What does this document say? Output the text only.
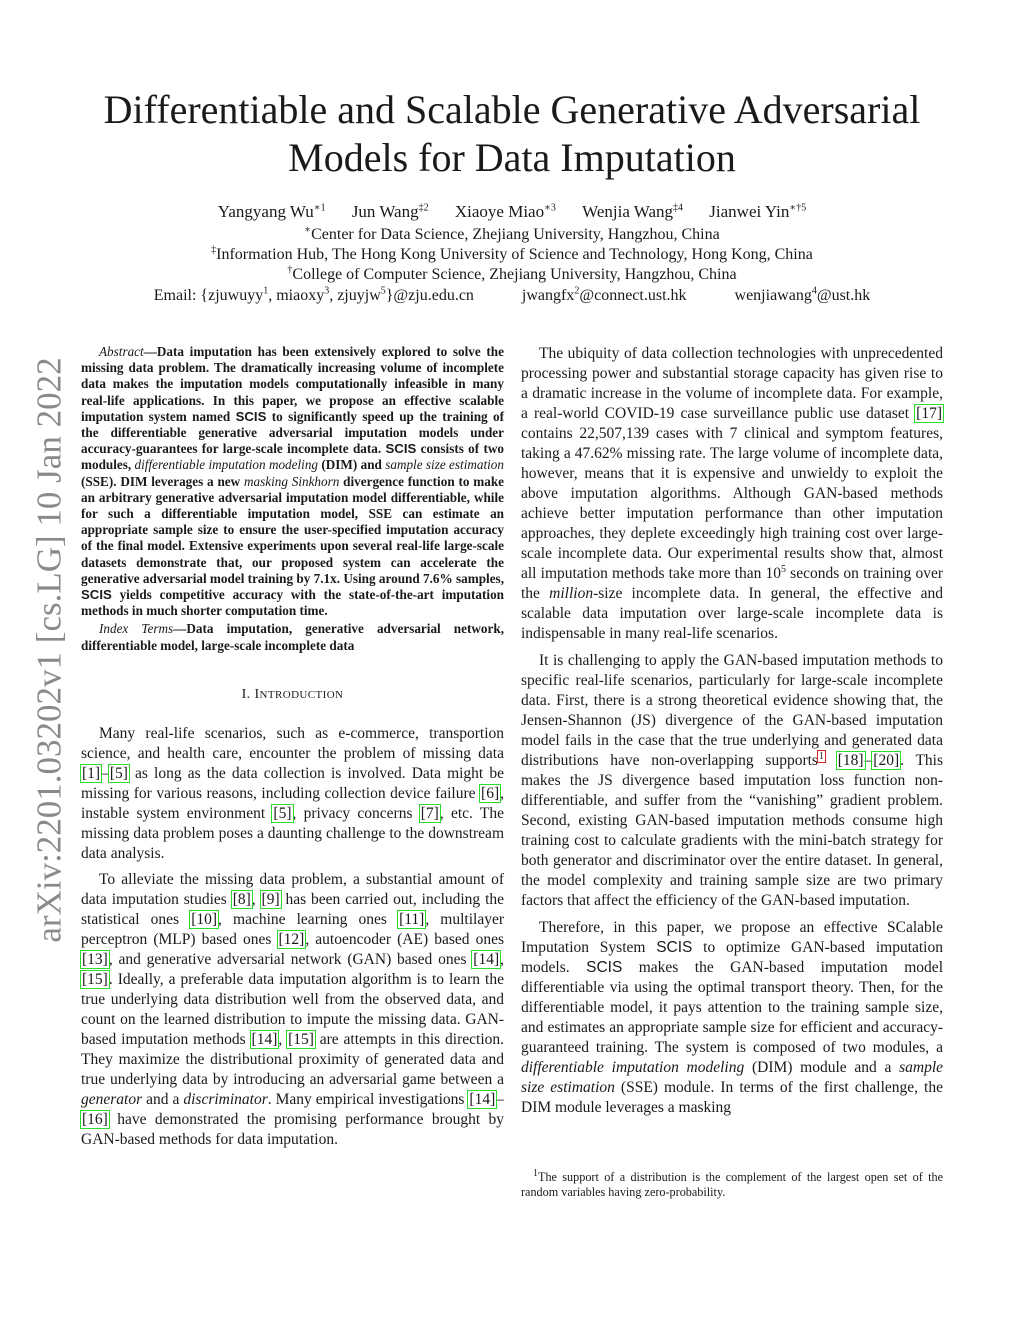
arXiv:2201.03202v1 [cs.LG] 10 Jan 2022
Differentiable and Scalable Generative Adversarial
Models for Data Imputation
Yangyang $Wu^{∗1}$ Jun Wang$^{\ddagger 2}$ Xiaoye Miao$^{∗3}$ Wenjia Wang$^{\ddagger 4}$ Jianwei Yin$^{∗\dagger 5}$
∗Center for Data Science, Zhejiang University, Hangzhou, China
‡Information Hub, The Hong Kong University of Science and Technology, Hong Kong, China
†College of Computer Science, Zhejiang University, Hangzhou, China
Email: {zjuwuyy$^1$, miaoxy$^3$, zjuyjw$^5$}@zju.edu.cn	jwangfx$^2$@connect.ust.hk	wenjiawang$^4$@ust.hk

Abstract—Data imputation has been extensively explored to solve the missing data problem. The dramatically increasing volume of incomplete data makes the imputation models computationally infeasible in many real-life applications. In this paper, we propose an effective scalable imputation system named SCIS to significantly speed up the training of the differentiable generative adversarial imputation models under accuracy-guarantees for large-scale incomplete data. SCIS consists of two modules, differentiable imputation modeling (DIM) and sample size estimation (SSE). DIM leverages a new masking Sinkhorn divergence function to make an arbitrary generative adversarial imputation model differentiable, while for such a differentiable imputation model, SSE can estimate an appropriate sample size to ensure the user-specified imputation accuracy of the final model. Extensive experiments upon several real-life large-scale datasets demonstrate that, our proposed system can accelerate the generative adversarial model training by 7.1x. Using around 7.6% samples, SCIS yields competitive accuracy with the state-of-the-art imputation methods in much shorter computation time.

Index Terms—Data imputation, generative adversarial network, differentiable model, large-scale incomplete data

I. INTRODUCTION

Many real-life scenarios, such as e-commerce, transportion science, and health care, encounter the problem of missing data [1]–[5] as long as the data collection is involved. Data might be missing for various reasons, including collection device failure [6], instable system environment [5], privacy concerns [7], etc. The missing data problem poses a daunting challenge to the downstream data analysis.

To alleviate the missing data problem, a substantial amount of data imputation studies [8], [9] has been carried out, including the statistical ones [10], machine learning ones [11], multilayer perceptron (MLP) based ones [12], autoencoder (AE) based ones [13], and generative adversarial network (GAN) based ones [14], [15]. Ideally, a preferable data imputation algorithm is to learn the true underlying data distribution well from the observed data, and count on the learned distribution to impute the missing data. GAN-based imputation methods [14], [15] are attempts in this direction. They maximize the distributional proximity of generated data and true underlying data by introducing an adversarial game between a generator and a discriminator. Many empirical investigations [14]–[16] have demonstrated the promising performance brought by GAN-based methods for data imputation.

The ubiquity of data collection technologies with unprecedented processing power and substantial storage capacity has given rise to a dramatic increase in the volume of incomplete data. For example, a real-world COVID-19 case surveillance public use dataset [17] contains 22,507,139 cases with 7 clinical and symptom features, taking a 47.62% missing rate. The large volume of incomplete data, however, means that it is expensive and unwieldy to exploit the above imputation algorithms. Although GAN-based methods achieve better imputation performance than other imputation approaches, they deplete exceedingly high training cost over large-scale incomplete data. Our experimental results show that, almost all imputation methods take more than $10^5$ seconds on training over the million-size incomplete data. In general, the effective and scalable data imputation over large-scale incomplete data is indispensable in many real-life scenarios.

It is challenging to apply the GAN-based imputation methods to specific real-life scenarios, particularly for large-scale incomplete data. First, there is a strong theoretical evidence showing that, the Jensen-Shannon (JS) divergence of the GAN-based imputation model fails in the case that the true underlying and generated data distributions have non-overlapping supports$^1$ [18]–[20]. This makes the JS divergence based imputation loss function non-differentiable, and suffer from the “vanishing” gradient problem. Second, existing GAN-based imputation methods consume high training cost to calculate gradients with the mini-batch strategy for both generator and discriminator over the entire dataset. In general, the model complexity and training sample size are two primary factors that affect the efficiency of the GAN-based imputation.

Therefore, in this paper, we propose an effective SCalable Imputation System SCIS to optimize GAN-based imputation models. SCIS makes the GAN-based imputation model differentiable via using the optimal transport theory. Then, for the differentiable model, it pays attention to the training sample size, and estimates an appropriate sample size for efficient and accuracy-guaranteed training. The system is composed of two modules, a differentiable imputation modeling (DIM) module and a sample size estimation (SSE) module. In terms of the first challenge, the DIM module leverages a masking

$^1$The support of a distribution is the complement of the largest open set of the random variables having zero-probability.
